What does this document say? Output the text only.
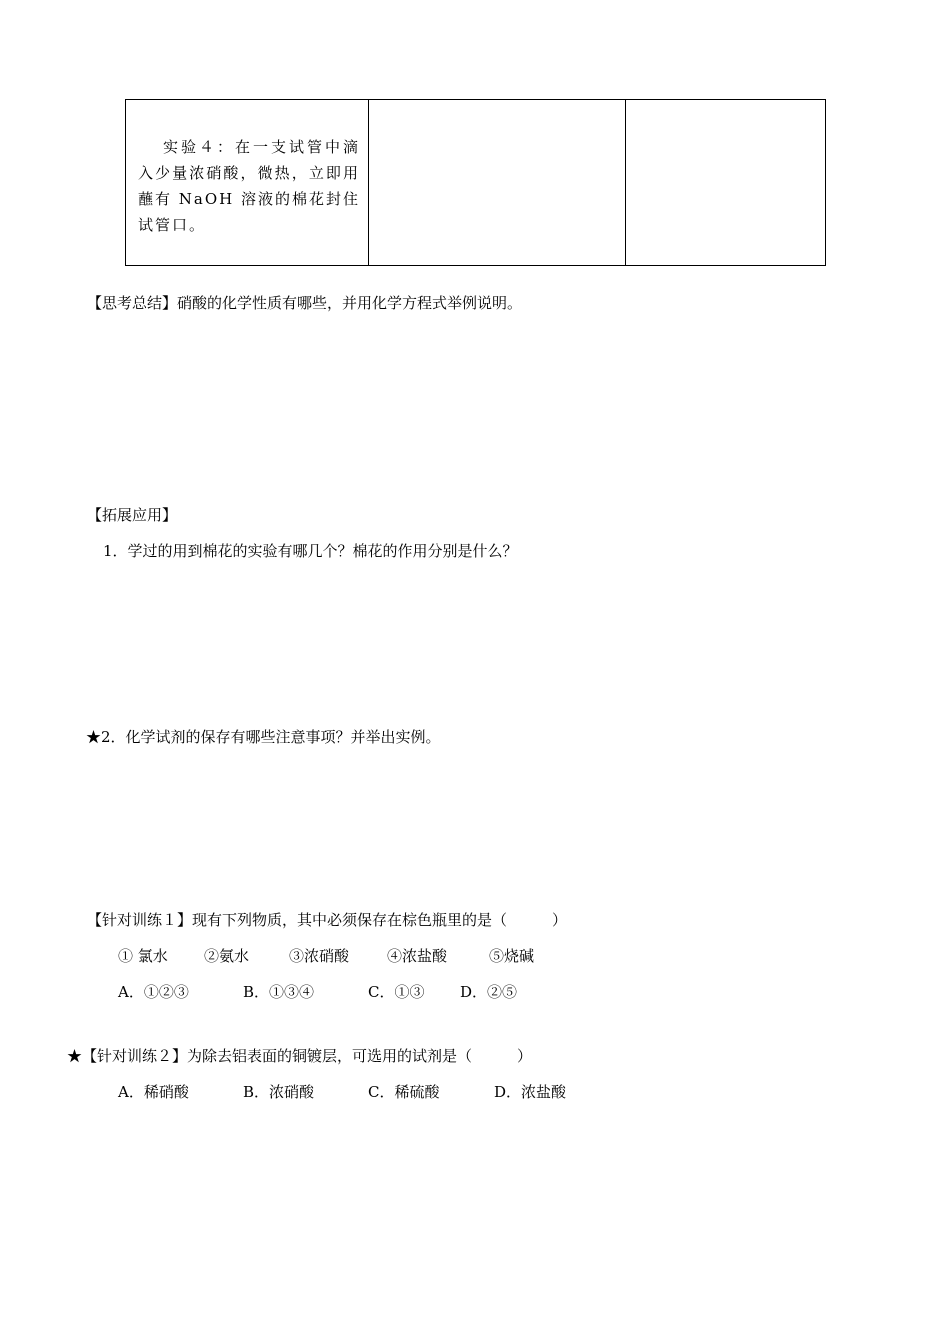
实验４：在一支试管中滴入少量浓硝酸，微热，立即用蘸有 NaOH 溶液的棉花封住试管口。		
【思考总结】硝酸的化学性质有哪些，并用化学方程式举例说明。
【拓展应用】
1．学过的用到棉花的实验有哪几个？棉花的作用分别是什么？
★2．化学试剂的保存有哪些注意事项？并举出实例。
【针对训练１】现有下列物质，其中必须保存在棕色瓶里的是（　　　）
① 氯水 ②氨水	③浓硝酸	④浓盐酸	⑤烧碱
A．①②③	B．①③④	C．①③ D．②⑤
★【针对训练２】为除去铝表面的铜镀层，可选用的试剂是（　　　）
A．稀硝酸	B．浓硝酸	C．稀硫酸	D．浓盐酸
